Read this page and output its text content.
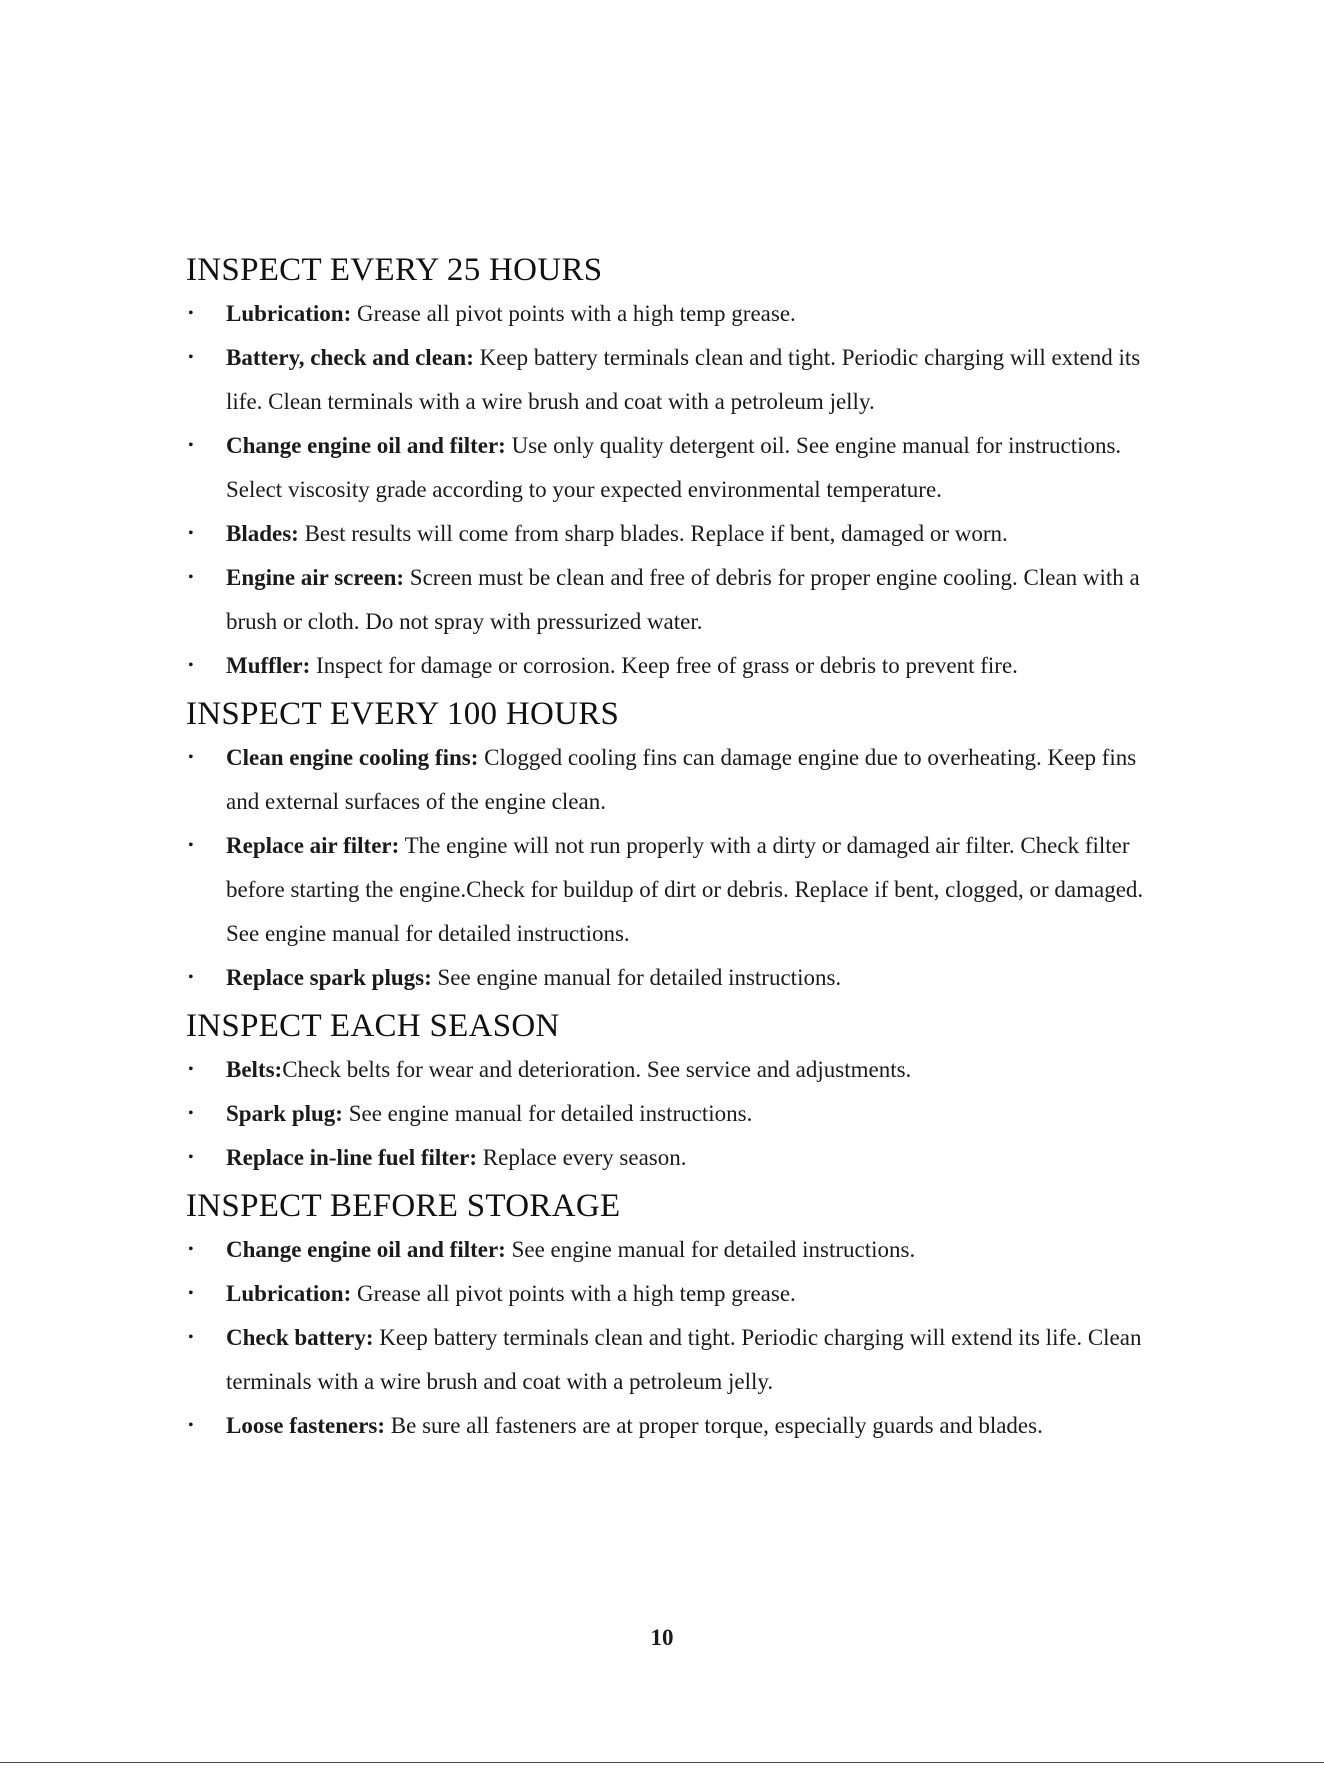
INSPECT EVERY 25 HOURS
• Lubrication: Grease all pivot points with a high temp grease.
• Battery, check and clean: Keep battery terminals clean and tight. Periodic charging will extend its life. Clean terminals with a wire brush and coat with a petroleum jelly.
• Change engine oil and filter: Use only quality detergent oil. See engine manual for instructions. Select viscosity grade according to your expected environmental temperature.
• Blades: Best results will come from sharp blades. Replace if bent, damaged or worn.
• Engine air screen: Screen must be clean and free of debris for proper engine cooling. Clean with a brush or cloth. Do not spray with pressurized water.
• Muffler: Inspect for damage or corrosion. Keep free of grass or debris to prevent fire.
INSPECT EVERY 100 HOURS
• Clean engine cooling fins: Clogged cooling fins can damage engine due to overheating. Keep fins and external surfaces of the engine clean.
• Replace air filter: The engine will not run properly with a dirty or damaged air filter. Check filter before starting the engine.Check for buildup of dirt or debris. Replace if bent, clogged, or damaged. See engine manual for detailed instructions.
• Replace spark plugs: See engine manual for detailed instructions.
INSPECT EACH SEASON
• Belts:Check belts for wear and deterioration. See service and adjustments.
• Spark plug: See engine manual for detailed instructions.
• Replace in-line fuel filter: Replace every season.
INSPECT BEFORE STORAGE
• Change engine oil and filter: See engine manual for detailed instructions.
• Lubrication: Grease all pivot points with a high temp grease.
• Check battery: Keep battery terminals clean and tight. Periodic charging will extend its life. Clean terminals with a wire brush and coat with a petroleum jelly.
• Loose fasteners: Be sure all fasteners are at proper torque, especially guards and blades.
10
